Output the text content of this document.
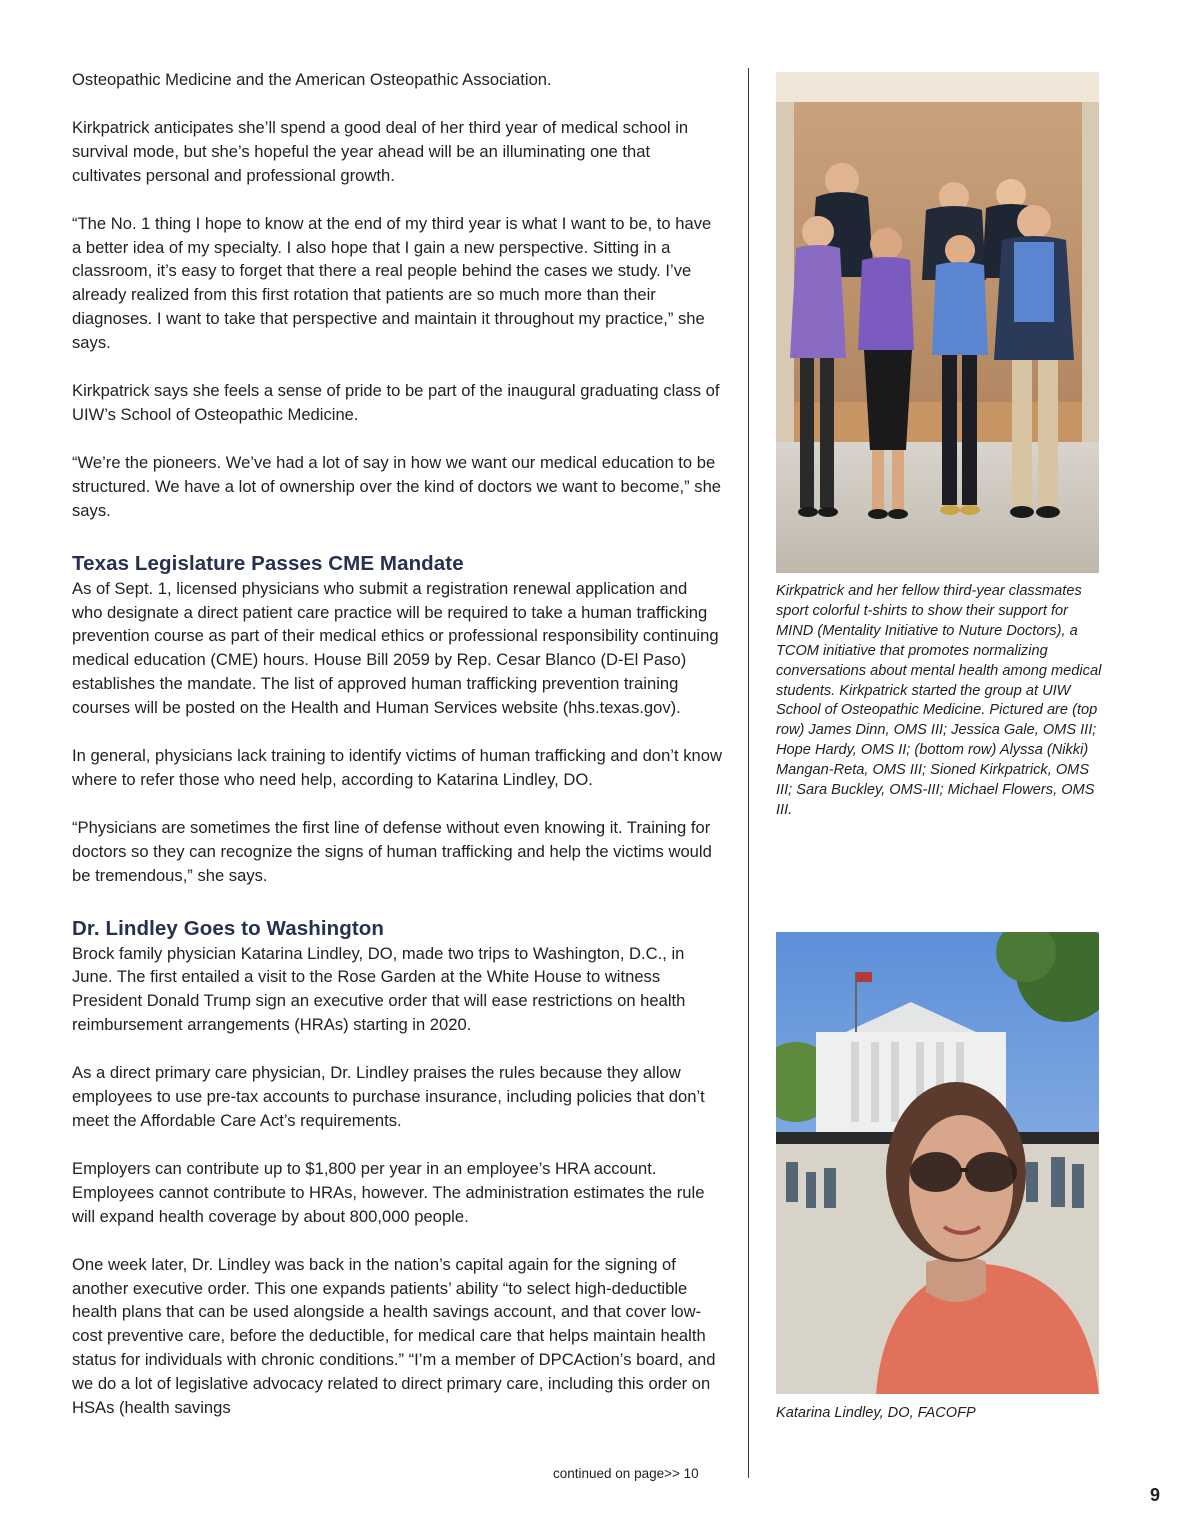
Osteopathic Medicine and the American Osteopathic Association.

Kirkpatrick anticipates she’ll spend a good deal of her third year of medical school in survival mode, but she’s hopeful the year ahead will be an illuminating one that cultivates personal and professional growth.

“The No. 1 thing I hope to know at the end of my third year is what I want to be, to have a better idea of my specialty. I also hope that I gain a new perspective. Sitting in a classroom, it’s easy to forget that there a real people behind the cases we study. I’ve already realized from this first rotation that patients are so much more than their diagnoses. I want to take that perspective and maintain it throughout my practice,” she says.

Kirkpatrick says she feels a sense of pride to be part of the inaugural graduating class of UIW’s School of Osteopathic Medicine.

“We’re the pioneers. We’ve had a lot of say in how we want our medical education to be structured. We have a lot of ownership over the kind of doctors we want to become,” she says.

Texas Legislature Passes CME Mandate

As of Sept. 1, licensed physicians who submit a registration renewal application and who designate a direct patient care practice will be required to take a human trafficking prevention course as part of their medical ethics or professional responsibility continuing medical education (CME) hours. House Bill 2059 by Rep. Cesar Blanco (D-El Paso) establishes the mandate. The list of approved human trafficking prevention training courses will be posted on the Health and Human Services website (hhs.texas.gov).

In general, physicians lack training to identify victims of human trafficking and don’t know where to refer those who need help, according to Katarina Lindley, DO.

“Physicians are sometimes the first line of defense without even knowing it. Training for doctors so they can recognize the signs of human trafficking and help the victims would be tremendous,” she says.

Dr. Lindley Goes to Washington

Brock family physician Katarina Lindley, DO, made two trips to Washington, D.C., in June. The first entailed a visit to the Rose Garden at the White House to witness President Donald Trump sign an executive order that will ease restrictions on health reimbursement arrangements (HRAs) starting in 2020.

As a direct primary care physician, Dr. Lindley praises the rules because they allow employees to use pre-tax accounts to purchase insurance, including policies that don’t meet the Affordable Care Act’s requirements.

Employers can contribute up to $1,800 per year in an employee’s HRA account. Employees cannot contribute to HRAs, however. The administration estimates the rule will expand health coverage by about 800,000 people.

One week later, Dr. Lindley was back in the nation’s capital again for the signing of another executive order. This one expands patients’ ability “to select high-deductible health plans that can be used alongside a health savings account, and that cover low-cost preventive care, before the deductible, for medical care that helps maintain health status for individuals with chronic conditions.” “I’m a member of DPCAction’s board, and we do a lot of legislative advocacy related to direct primary care, including this order on HSAs (health savings

continued on page>> 10

Kirkpatrick and her fellow third-year classmates sport colorful t-shirts to show their support for MIND (Mentality Initiative to Nuture Doctors), a TCOM initiative that promotes normalizing conversations about mental health among medical students. Kirkpatrick started the group at UIW School of Osteopathic Medicine. Pictured are (top row) James Dinn, OMS III; Jessica Gale, OMS III; Hope Hardy, OMS II; (bottom row) Alyssa (Nikki) Mangan-Reta, OMS III; Sioned Kirkpatrick, OMS III; Sara Buckley, OMS-III; Michael Flowers, OMS III.

Katarina Lindley, DO, FACOFP

9
